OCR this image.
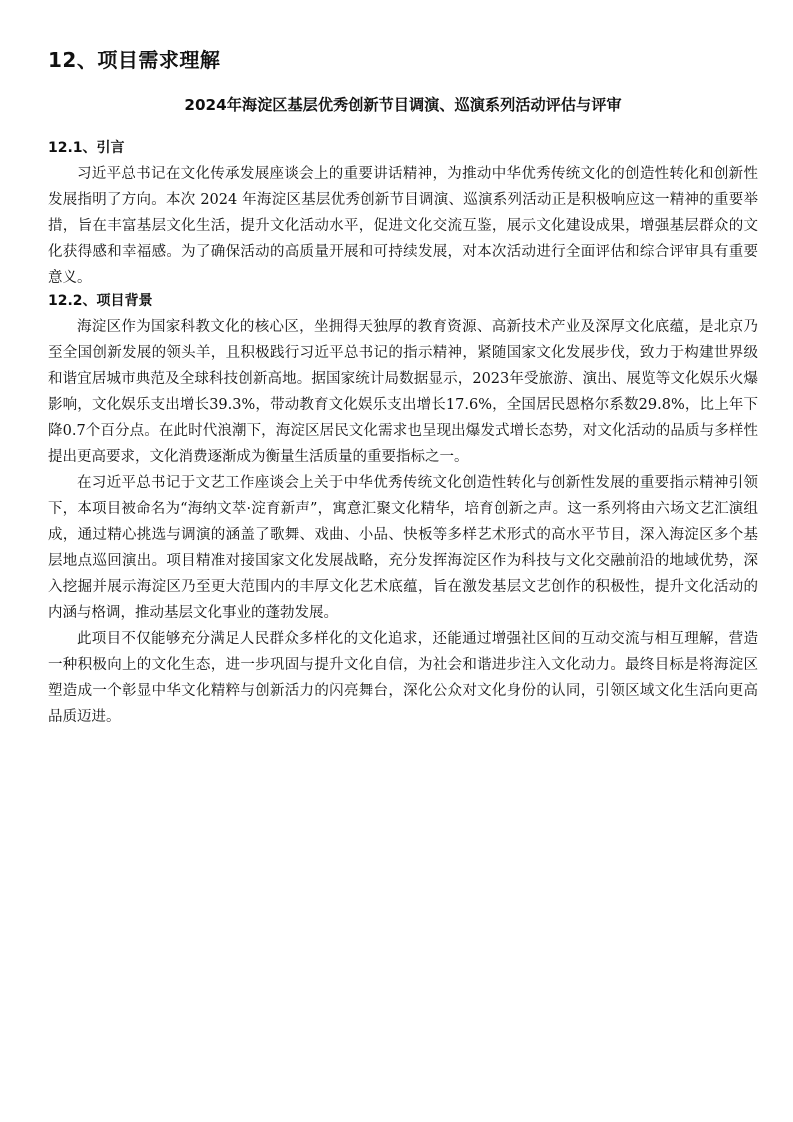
12、项目需求理解
2024年海淀区基层优秀创新节目调演、巡演系列活动评估与评审
12.1、引言

习近平总书记在文化传承发展座谈会上的重要讲话精神，为推动中华优秀传统文化的创造性转化和创新性发展指明了方向。本次 2024 年海淀区基层优秀创新节目调演、巡演系列活动正是积极响应这一精神的重要举措，旨在丰富基层文化生活，提升文化活动水平，促进文化交流互鉴，展示文化建设成果，增强基层群众的文化获得感和幸福感。为了确保活动的高质量开展和可持续发展，对本次活动进行全面评估和综合评审具有重要意义。

12.2、项目背景

海淀区作为国家科教文化的核心区，坐拥得天独厚的教育资源、高新技术产业及深厚文化底蕴，是北京乃至全国创新发展的领头羊，且积极践行习近平总书记的指示精神，紧随国家文化发展步伐，致力于构建世界级和谐宜居城市典范及全球科技创新高地。据国家统计局数据显示，2023年受旅游、演出、展览等文化娱乐火爆影响，文化娱乐支出增长39.3%，带动教育文化娱乐支出增长17.6%，全国居民恩格尔系数29.8%，比上年下降0.7个百分点。在此时代浪潮下，海淀区居民文化需求也呈现出爆发式增长态势，对文化活动的品质与多样性提出更高要求，文化消费逐渐成为衡量生活质量的重要指标之一。

在习近平总书记于文艺工作座谈会上关于中华优秀传统文化创造性转化与创新性发展的重要指示精神引领下，本项目被命名为“海纳文萃·淀育新声”，寓意汇聚文化精华，培育创新之声。这一系列将由六场文艺汇演组成，通过精心挑选与调演的涵盖了歌舞、戏曲、小品、快板等多样艺术形式的高水平节目，深入海淀区多个基层地点巡回演出。项目精准对接国家文化发展战略，充分发挥海淀区作为科技与文化交融前沿的地域优势，深入挖掘并展示海淀区乃至更大范围内的丰厚文化艺术底蕴，旨在激发基层文艺创作的积极性，提升文化活动的内涵与格调，推动基层文化事业的蓬勃发展。

此项目不仅能够充分满足人民群众多样化的文化追求，还能通过增强社区间的互动交流与相互理解，营造一种积极向上的文化生态，进一步巩固与提升文化自信，为社会和谐进步注入文化动力。最终目标是将海淀区塑造成一个彰显中华文化精粹与创新活力的闪亮舞台，深化公众对文化身份的认同，引领区域文化生活向更高品质迈进。
